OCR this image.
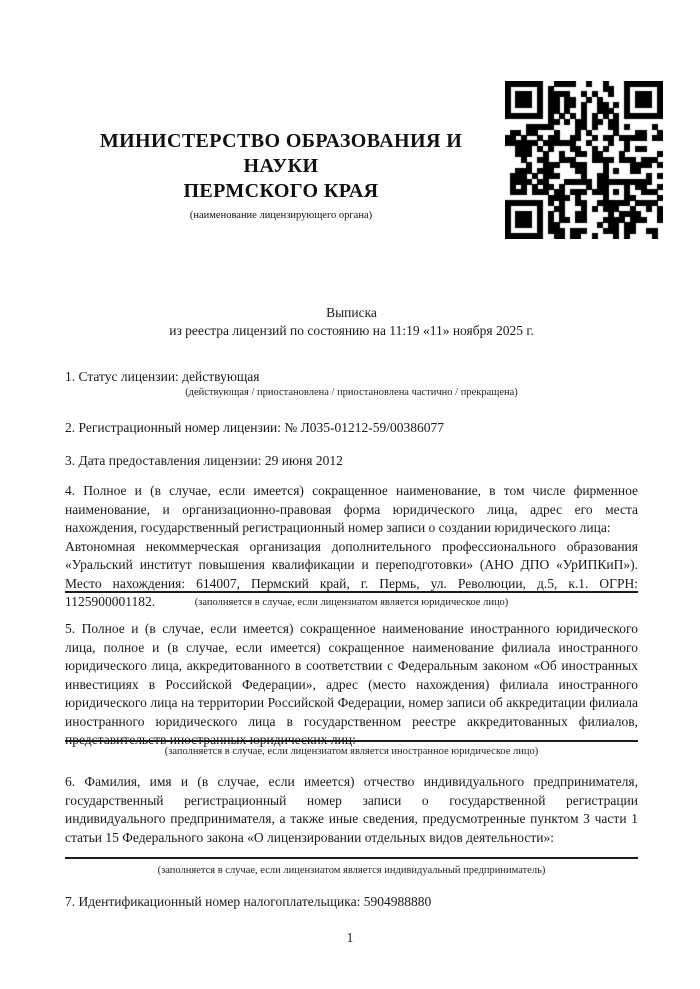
МИНИСТЕРСТВО ОБРАЗОВАНИЯ И НАУКИ
ПЕРМСКОГО КРАЯ
(наименование лицензирующего органа)
Выписка
из реестра лицензий по состоянию на 11:19 «11» ноября 2025 г.

1. Статус лицензии: действующая

(действующая / приостановлена / приостановлена частично / прекращена)

2. Регистрационный номер лицензии: № Л035-01212-59/00386077

3. Дата предоставления лицензии: 29 июня 2012

4. Полное и (в случае, если имеется) сокращенное наименование, в том числе фирменное наименование, и организационно-правовая форма юридического лица, адрес его места нахождения, государственный регистрационный номер записи о создании юридического лица:

Автономная некоммерческая организация дополнительного профессионального образования «Уральский институт повышения квалификации и переподготовки» (АНО ДПО «УрИПКиП»). Место нахождения: 614007, Пермский край, г. Пермь, ул. Революции, д.5, к.1. ОГРН: 1125900001182.	(заполняется в случае, если лицензиатом является юридическое лицо)

5. Полное и (в случае, если имеется) сокращенное наименование иностранного юридического лица, полное и (в случае, если имеется) сокращенное наименование филиала иностранного юридического лица, аккредитованного в соответствии с Федеральным законом «Об иностранных инвестициях в Российской Федерации», адрес (место нахождения) филиала иностранного юридического лица на территории Российской Федерации, номер записи об аккредитации филиала иностранного юридического лица в государственном реестре аккредитованных филиалов, представительств иностранных юридических лиц:

(заполняется в случае, если лицензиатом является иностранное юридическое лицо)

6. Фамилия, имя и (в случае, если имеется) отчество индивидуального предпринимателя, государственный регистрационный номер записи о государственной регистрации индивидуального предпринимателя, а также иные сведения, предусмотренные пунктом 3 части 1 статьи 15 Федерального закона «О лицензировании отдельных видов деятельности»:

(заполняется в случае, если лицензиатом является индивидуальный предприниматель)

7. Идентификационный номер налогоплательщика: 5904988880

1
